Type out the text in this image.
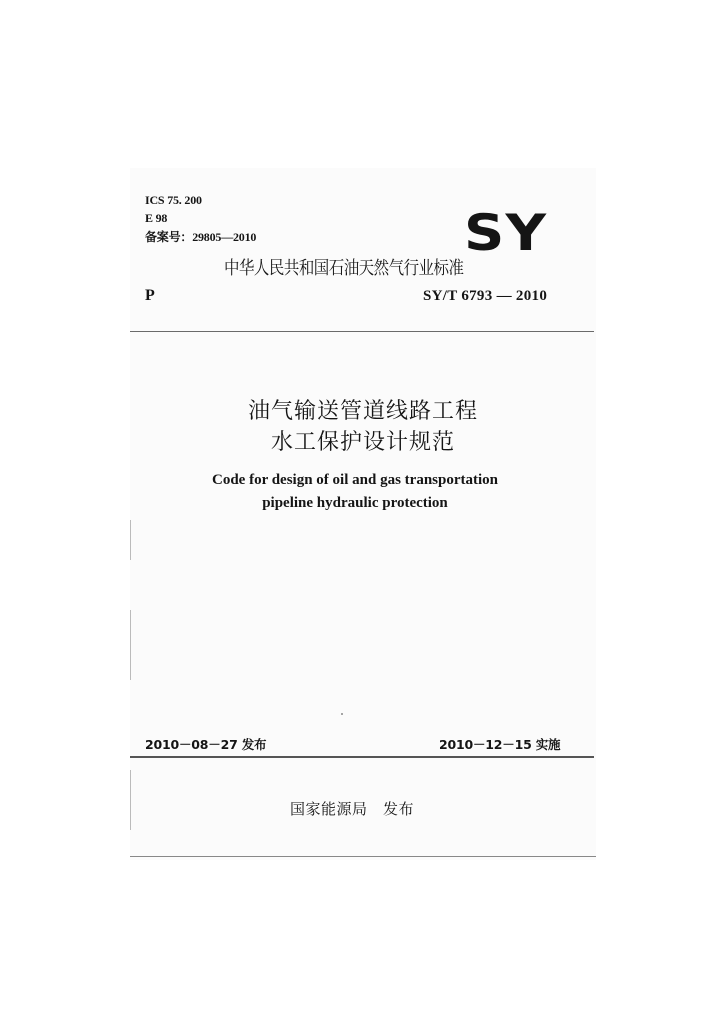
ICS 75. 200
E 98
备案号：29805—2010	SY
中华人民共和国石油天然气行业标准
P	SY/T 6793 — 2010
油气输送管道线路工程
水工保护设计规范
Code for design of oil and gas transportation
pipeline hydraulic protection
2010－08－27 发布	2010－12－15 实施
国家能源局　发布
